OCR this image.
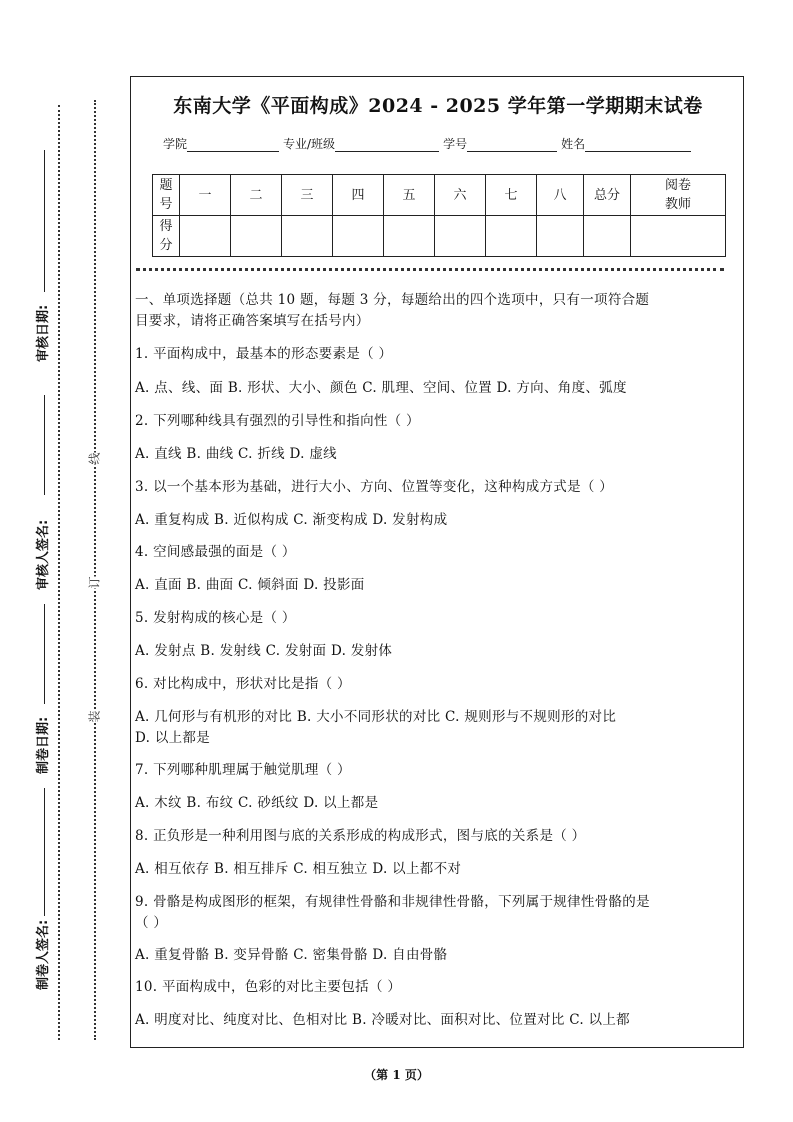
审核日期:
审核人签名:
制卷日期:
制卷人签名:
线
订
装
东南大学《平面构成》2024 - 2025 学年第一学期期末试卷
学院	专业/班级	学号	姓名
题
号	一	二	三	四	五	六	七	八	总分	阅卷
教师
得
分										
一、单项选择题（总共 10 题，每题 3 分，每题给出的四个选项中，只有一项符合题
目要求，请将正确答案填写在括号内）
1. 平面构成中，最基本的形态要素是（ ）
A. 点、线、面 B. 形状、大小、颜色 C. 肌理、空间、位置 D. 方向、角度、弧度
2. 下列哪种线具有强烈的引导性和指向性（ ）
A. 直线 B. 曲线 C. 折线 D. 虚线
3. 以一个基本形为基础，进行大小、方向、位置等变化，这种构成方式是（ ）
A. 重复构成 B. 近似构成 C. 渐变构成 D. 发射构成
4. 空间感最强的面是（ ）
A. 直面 B. 曲面 C. 倾斜面 D. 投影面
5. 发射构成的核心是（ ）
A. 发射点 B. 发射线 C. 发射面 D. 发射体
6. 对比构成中，形状对比是指（ ）
A. 几何形与有机形的对比 B. 大小不同形状的对比 C. 规则形与不规则形的对比
D. 以上都是
7. 下列哪种肌理属于触觉肌理（ ）
A. 木纹 B. 布纹 C. 砂纸纹 D. 以上都是
8. 正负形是一种利用图与底的关系形成的构成形式，图与底的关系是（ ）
A. 相互依存 B. 相互排斥 C. 相互独立 D. 以上都不对
9. 骨骼是构成图形的框架，有规律性骨骼和非规律性骨骼，下列属于规律性骨骼的是
（ ）
A. 重复骨骼 B. 变异骨骼 C. 密集骨骼 D. 自由骨骼
10. 平面构成中，色彩的对比主要包括（ ）
A. 明度对比、纯度对比、色相对比 B. 冷暖对比、面积对比、位置对比 C. 以上都
（第 1 页）
